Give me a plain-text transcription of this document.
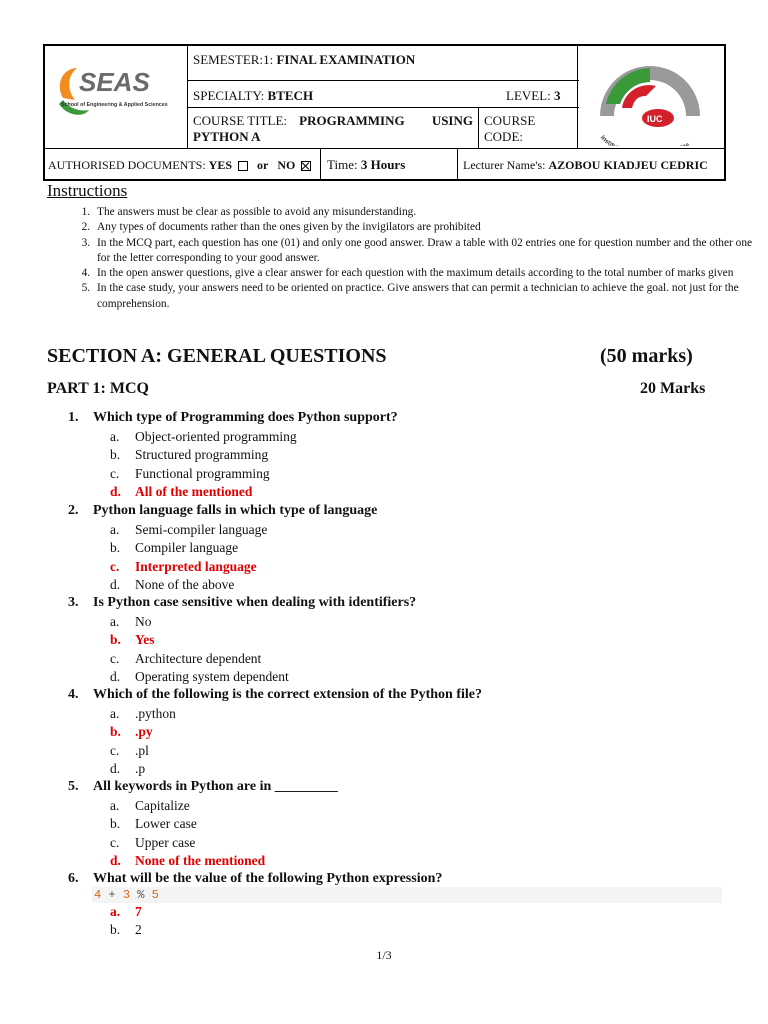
SEAS
School of Engineering & Applied Sciences
SEMESTER:1: FINAL EXAMINATION
SPECIALTY: BTECH	LEVEL: 3
COURSE TITLE: PROGRAMMING USING
PYTHON A
COURSE
CODE:
IUC
Instit e
AUTHORISED DOCUMENTS: YES or NO	Time: 3 Hours	Lecturer Name's: AZOBOU KIADJEU CEDRIC
Instructions
1. The answers must be clear as possible to avoid any misunderstanding.
2. Any types of documents rather than the ones given by the invigilators are prohibited
3. In the MCQ part, each question has one (01) and only one good answer. Draw a table with 02 entries one for question number and the other one for the letter corresponding to your good answer.
4. In the open answer questions, give a clear answer for each question with the maximum details according to the total number of marks given
5. In the case study, your answers need to be oriented on practice. Give answers that can permit a technician to achieve the goal. not just for the comprehension.
SECTION A: GENERAL QUESTIONS	(50 marks)
PART 1: MCQ	20 Marks
1. Which type of Programming does Python support?
a. Object-oriented programming
b. Structured programming
c. Functional programming
d. All of the mentioned
2. Python language falls in which type of language
a. Semi-compiler language
b. Compiler language
c. Interpreted language
d. None of the above
3. Is Python case sensitive when dealing with identifiers?
a. No
b. Yes
c. Architecture dependent
d. Operating system dependent
4. Which of the following is the correct extension of the Python file?
a. .python
b. .py
c. .pl
d. .p
5. All keywords in Python are in _________
a. Capitalize
b. Lower case
c. Upper case
d. None of the mentioned
6. What will be the value of the following Python expression?
a. 7
b. 2
4 + 3 % 5
1/3
